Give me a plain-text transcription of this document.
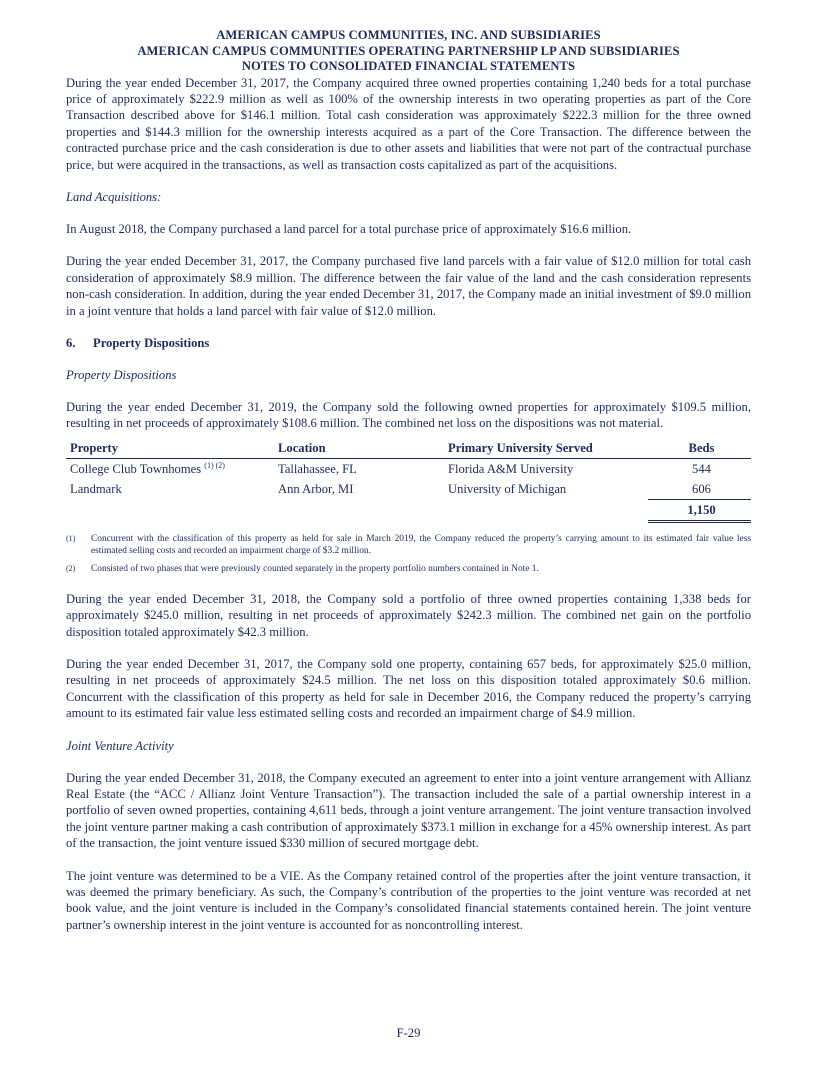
AMERICAN CAMPUS COMMUNITIES, INC. AND SUBSIDIARIES
AMERICAN CAMPUS COMMUNITIES OPERATING PARTNERSHIP LP AND SUBSIDIARIES
NOTES TO CONSOLIDATED FINANCIAL STATEMENTS

During the year ended December 31, 2017, the Company acquired three owned properties containing 1,240 beds for a total purchase price of approximately $222.9 million as well as 100% of the ownership interests in two operating properties as part of the Core Transaction described above for $146.1 million. Total cash consideration was approximately $222.3 million for the three owned properties and $144.3 million for the ownership interests acquired as a part of the Core Transaction. The difference between the contracted purchase price and the cash consideration is due to other assets and liabilities that were not part of the contractual purchase price, but were acquired in the transactions, as well as transaction costs capitalized as part of the acquisitions.

Land Acquisitions:

In August 2018, the Company purchased a land parcel for a total purchase price of approximately $16.6 million.

During the year ended December 31, 2017, the Company purchased five land parcels with a fair value of $12.0 million for total cash consideration of approximately $8.9 million. The difference between the fair value of the land and the cash consideration represents non-cash consideration. In addition, during the year ended December 31, 2017, the Company made an initial investment of $9.0 million in a joint venture that holds a land parcel with fair value of $12.0 million.

6. Property Dispositions

Property Dispositions

During the year ended December 31, 2019, the Company sold the following owned properties for approximately $109.5 million, resulting in net proceeds of approximately $108.6 million. The combined net loss on the dispositions was not material.

Property	Location	Primary University Served	Beds
College Club Townhomes $^{(1) (2)}$	Tallahassee, FL	Florida A&M University	544
Landmark	Ann Arbor, MI	University of Michigan	606
			1,150
(1)	Concurrent with the classification of this property as held for sale in March 2019, the Company reduced the property’s carrying amount to its estimated fair value less estimated selling costs and recorded an impairment charge of $3.2 million.
(2)	Consisted of two phases that were previously counted separately in the property portfolio numbers contained in Note 1.

During the year ended December 31, 2018, the Company sold a portfolio of three owned properties containing 1,338 beds for approximately $245.0 million, resulting in net proceeds of approximately $242.3 million. The combined net gain on the portfolio disposition totaled approximately $42.3 million.

During the year ended December 31, 2017, the Company sold one property, containing 657 beds, for approximately $25.0 million, resulting in net proceeds of approximately $24.5 million. The net loss on this disposition totaled approximately $0.6 million. Concurrent with the classification of this property as held for sale in December 2016, the Company reduced the property’s carrying amount to its estimated fair value less estimated selling costs and recorded an impairment charge of $4.9 million.

Joint Venture Activity

During the year ended December 31, 2018, the Company executed an agreement to enter into a joint venture arrangement with Allianz Real Estate (the “ACC / Allianz Joint Venture Transaction”). The transaction included the sale of a partial ownership interest in a portfolio of seven owned properties, containing 4,611 beds, through a joint venture arrangement. The joint venture transaction involved the joint venture partner making a cash contribution of approximately $373.1 million in exchange for a 45% ownership interest. As part of the transaction, the joint venture issued $330 million of secured mortgage debt.

The joint venture was determined to be a VIE. As the Company retained control of the properties after the joint venture transaction, it was deemed the primary beneficiary. As such, the Company’s contribution of the properties to the joint venture was recorded at net book value, and the joint venture is included in the Company’s consolidated financial statements contained herein. The joint venture partner’s ownership interest in the joint venture is accounted for as noncontrolling interest.

F-29
